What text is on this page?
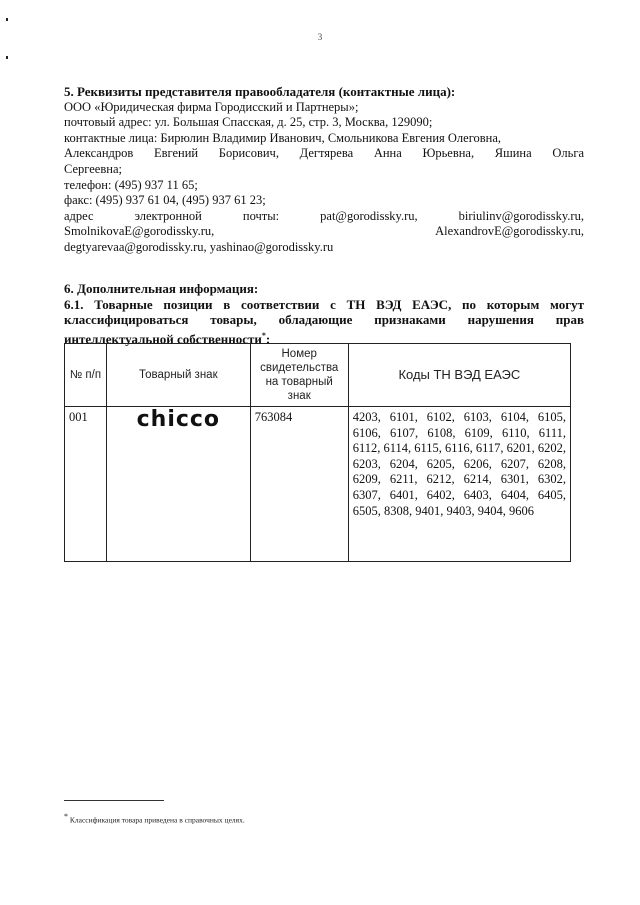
3
5. Реквизиты представителя правообладателя (контактные лица):
ООО «Юридическая фирма Городисский и Партнеры»;
почтовый адрес: ул. Большая Спасская, д. 25, стр. 3, Москва, 129090;
контактные лица: Бирюлин Владимир Иванович, Смольникова Евгения Олеговна,
Александров Евгений Борисович, Дегтярева Анна Юрьевна, Яшина Ольга
Сергеевна;
телефон: (495) 937 11 65;
факс: (495) 937 61 04, (495) 937 61 23;
адрес	электронной	почты:	pat@gorodissky.ru,	biriulinv@gorodissky.ru,
SmolnikovaE@gorodissky.ru,	AlexandrovE@gorodissky.ru,
degtyarevaa@gorodissky.ru, yashinao@gorodissky.ru
6. Дополнительная информация:
6.1. Товарные позиции в соответствии с ТН ВЭД ЕАЭС, по которым могут
классифицироваться товары, обладающие признаками нарушения прав
интеллектуальной собственности*:
№ п/п	Товарный знак	Номер свидетельства на товарный знак	Коды ТН ВЭД ЕАЭС
001	chicco	763084	4203, 6101, 6102, 6103, 6104, 6105, 6106, 6107, 6108, 6109, 6110, 6111, 6112, 6114, 6115, 6116, 6117, 6201, 6202, 6203, 6204, 6205, 6206, 6207, 6208, 6209, 6211, 6212, 6214, 6301, 6302, 6307, 6401, 6402, 6403, 6404, 6405, 6505, 8308, 9401, 9403, 9404, 9606
* Классификация товара приведена в справочных целях.
